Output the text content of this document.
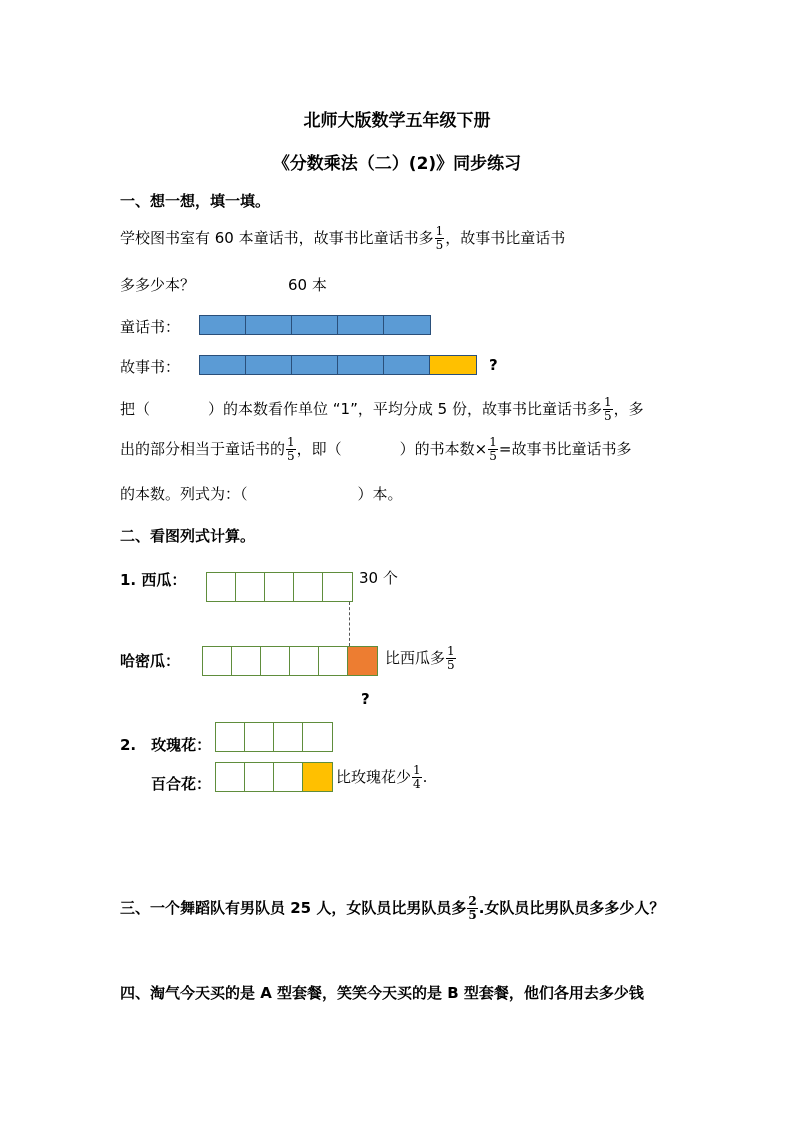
北师大版数学五年级下册
《分数乘法（二）(2)》同步练习
一、想一想，填一填。
学校图书室有 60 本童话书，故事书比童话书多 $\frac{1}{5}$ ，故事书比童话书
多多少本？	60 本
童话书：
故事书：	?
把（	）的本数看作单位 “1”，平均分成 5 份，故事书比童话书多 $\frac{1}{5}$ ，多
出的部分相当于童话书的 $\frac{1}{5}$ ，即（	）的书本数× $\frac{1}{5}$ =故事书比童话书多
的本数。列式为：（	）本。
二、看图列式计算。
1. 西瓜：	30 个
哈密瓜：	比西瓜多 $\frac{1}{5}$
?
2.　玫瑰花：
百合花：	比玫瑰花少 $\frac{1}{4}$ .
三、一个舞蹈队有男队员 25 人，女队员比男队员多 $\frac{2}{5}$ .女队员比男队员多多少人？
四、淘气今天买的是 A 型套餐，笑笑今天买的是 B 型套餐，他们各用去多少钱
